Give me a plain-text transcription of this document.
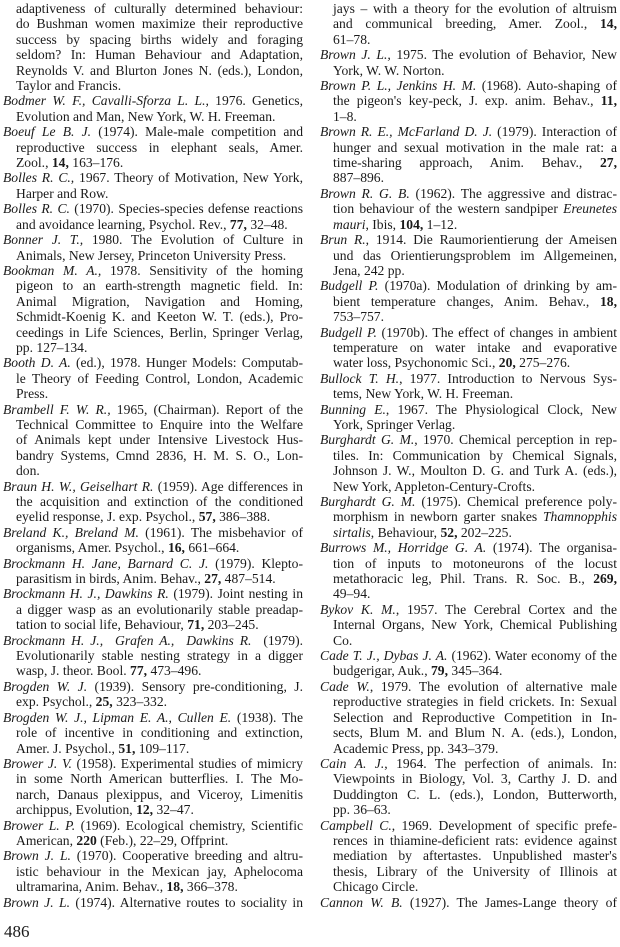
adaptiveness of culturally determined behaviour:
do Bushman women maximize their reproductive
success by spacing births widely and foraging
seldom? In: Human Behaviour and Adaptation,
Reynolds V. and Blurton Jones N. (eds.), London,
Taylor and Francis.
Bodmer W. F., Cavalli-Sforza L. L., 1976. Genetics,
Evolution and Man, New York, W. H. Freeman.
Boeuf Le B. J. (1974). Male-male competition and
reproductive success in elephant seals, Amer.
Zool., 14, 163–176.
Bolles R. C., 1967. Theory of Motivation, New York,
Harper and Row.
Bolles R. C. (1970). Species-species defense reactions
and avoidance learning, Psychol. Rev., 77, 32–48.
Bonner J. T., 1980. The Evolution of Culture in
Animals, New Jersey, Princeton University Press.
Bookman M. A., 1978. Sensitivity of the homing
pigeon to an earth-strength magnetic field. In:
Animal Migration, Navigation and Homing,
Schmidt-Koenig K. and Keeton W. T. (eds.), Pro-
ceedings in Life Sciences, Berlin, Springer Verlag,
pp. 127–134.
Booth D. A. (ed.), 1978. Hunger Models: Computab-
le Theory of Feeding Control, London, Academic
Press.
Brambell F. W. R., 1965, (Chairman). Report of the
Technical Committee to Enquire into the Welfare
of Animals kept under Intensive Livestock Hus-
bandry Systems, Cmnd 2836, H. M. S. O., Lon-
don.
Braun H. W., Geiselhart R. (1959). Age differences in
the acquisition and extinction of the conditioned
eyelid response, J. exp. Psychol., 57, 386–388.
Breland K., Breland M. (1961). The misbehavior of
organisms, Amer. Psychol., 16, 661–664.
Brockmann H. Jane, Barnard C. J. (1979). Klepto-
parasitism in birds, Anim. Behav., 27, 487–514.
Brockmann H. J., Dawkins R. (1979). Joint nesting in
a digger wasp as an evolutionarily stable preadap-
tation to social life, Behaviour, 71, 203–245.
Brockmann H. J.,  Grafen A.,  Dawkins R.  (1979).
Evolutionarily stable nesting strategy in a digger
wasp, J. theor. Bool. 77, 473–496.
Brogden W. J. (1939). Sensory pre-conditioning, J.
exp. Psychol., 25, 323–332.
Brogden W. J., Lipman E. A., Cullen E. (1938). The
role of incentive in conditioning and extinction,
Amer. J. Psychol., 51, 109–117.
Brower J. V. (1958). Experimental studies of mimicry
in some North American butterflies. I. The Mo-
narch, Danaus plexippus, and Viceroy, Limenitis
archippus, Evolution, 12, 32–47.
Brower L. P. (1969). Ecological chemistry, Scientific
American, 220 (Feb.), 22–29, Offprint.
Brown J. L. (1970). Cooperative breeding and altru-
istic behaviour in the Mexican jay, Aphelocoma
ultramarina, Anim. Behav., 18, 366–378.
Brown J. L. (1974). Alternative routes to sociality in
jays – with a theory for the evolution of altruism
and communical breeding, Amer. Zool., 14,
61–78.
Brown J. L., 1975. The evolution of Behavior, New
York, W. W. Norton.
Brown P. L., Jenkins H. M. (1968). Auto-shaping of
the pigeon's key-peck, J. exp. anim. Behav., 11,
1–8.
Brown R. E., McFarland D. J. (1979). Interaction of
hunger and sexual motivation in the male rat: a
time-sharing approach, Anim. Behav., 27,
887–896.
Brown R. G. B. (1962). The aggressive and distrac-
tion behaviour of the western sandpiper Ereunetes
mauri, Ibis, 104, 1–12.
Brun R., 1914. Die Raumorientierung der Ameisen
und das Orientierungsproblem im Allgemeinen,
Jena, 242 pp.
Budgell P. (1970a). Modulation of drinking by am-
bient temperature changes, Anim. Behav., 18,
753–757.
Budgell P. (1970b). The effect of changes in ambient
temperature on water intake and evaporative
water loss, Psychonomic Sci., 20, 275–276.
Bullock T. H., 1977. Introduction to Nervous Sys-
tems, New York, W. H. Freeman.
Bunning E., 1967. The Physiological Clock, New
York, Springer Verlag.
Burghardt G. M., 1970. Chemical perception in rep-
tiles. In: Communication by Chemical Signals,
Johnson J. W., Moulton D. G. and Turk A. (eds.),
New York, Appleton-Century-Crofts.
Burghardt G. M. (1975). Chemical preference poly-
morphism in newborn garter snakes Thamnopphis
sirtalis, Behaviour, 52, 202–225.
Burrows M., Horridge G. A. (1974). The organisa-
tion of inputs to motoneurons of the locust
metathoracic leg, Phil. Trans. R. Soc. B., 269,
49–94.
Bykov K. M., 1957. The Cerebral Cortex and the
Internal Organs, New York, Chemical Publishing
Co.
Cade T. J., Dybas J. A. (1962). Water economy of the
budgerigar, Auk., 79, 345–364.
Cade W., 1979. The evolution of alternative male
reproductive strategies in field crickets. In: Sexual
Selection and Reproductive Competition in In-
sects, Blum M. and Blum N. A. (eds.), London,
Academic Press, pp. 343–379.
Cain A. J., 1964. The perfection of animals. In:
Viewpoints in Biology, Vol. 3, Carthy J. D. and
Duddington C. L. (eds.), London, Butterworth,
pp. 36–63.
Campbell C., 1969. Development of specific prefe-
rences in thiamine-deficient rats: evidence against
mediation by aftertastes. Unpublished master's
thesis, Library of the University of Illinois at
Chicago Circle.
Cannon W. B. (1927). The James-Lange theory of
486
